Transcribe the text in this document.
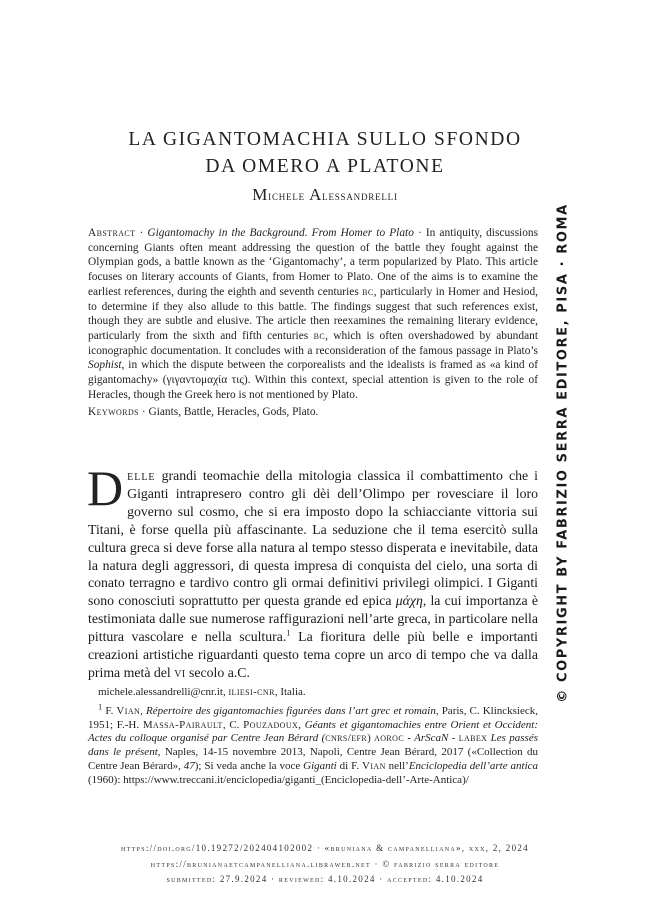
LA GIGANTOMACHIA SULLO SFONDO
DA OMERO A PLATONE
Michele Alessandrelli

Abstract · Gigantomachy in the Background. From Homer to Plato · In antiquity, discussions concerning Giants often meant addressing the question of the battle they fought against the Olympian gods, a battle known as the ‘Gigantomachy’, a term popularized by Plato. This article focuses on literary accounts of Giants, from Homer to Plato. One of the aims is to examine the earliest references, during the eighth and seventh centuries bc, particularly in Homer and Hesiod, to determine if they also allude to this battle. The findings suggest that such references exist, though they are subtle and elusive. The article then reexamines the remaining literary evidence, particularly from the sixth and fifth centuries bc, which is often overshadowed by abundant iconographic documentation. It concludes with a reconsideration of the famous passage in Plato’s Sophist, in which the dispute between the corporealists and the idealists is framed as «a kind of gigantomachy» (γιγαντομαχία τις). Within this context, special attention is given to the role of Heracles, though the Greek hero is not mentioned by Plato.

Keywords · Giants, Battle, Heracles, Gods, Plato.

Delle grandi teomachie della mitologia classica il combattimento che i Giganti intrapresero contro gli dèi dell’Olimpo per rovesciare il loro governo sul cosmo, che si era imposto dopo la schiacciante vittoria sui Titani, è forse quella più affascinante. La seduzione che il tema esercitò sulla cultura greca si deve forse alla natura al tempo stesso disperata e inevitabile, data la natura degli aggressori, di questa impresa di conquista del cielo, una sorta di conato terragno e tardivo contro gli ormai definitivi privilegi olimpici. I Giganti sono conosciuti soprattutto per questa grande ed epica μάχη, la cui importanza è testimoniata dalle sue numerose raffigurazioni nell’arte greca, in particolare nella pittura vascolare e nella scultura.$^1$ La fioritura delle più belle e importanti creazioni artistiche riguardanti questo tema copre un arco di tempo che va dalla prima metà del vi secolo a.C.

michele.alessandrelli@cnr.it, iliesi-cnr, Italia.

$^1$ F. Vian, Répertoire des gigantomachies figurées dans l’art grec et romain, Paris, C. Klincksieck, 1951; F.-H. Massa-Pairault, C. Pouzadoux, Géants et gigantomachies entre Orient et Occident: Actes du colloque organisé par Centre Jean Bérard (cnrs/efr) aoroc - ArScaN - labex Les passés dans le présent, Naples, 14-15 novembre 2013, Napoli, Centre Jean Bérard, 2017 («Collection du Centre Jean Bérard», 47); Si veda anche la voce Giganti di F. Vian nell’Enciclopedia dell’arte antica (1960): https://www.treccani.it/enciclopedia/giganti_(Enciclopedia-dell’-Arte-Antica)/

https://doi.org/10.19272/202404102002 · «bruniana & campanelliana», xxx, 2, 2024
https://brunianaetcampanelliana.libraweb.net · © fabrizio serra editore
submitted: 27.9.2024 · reviewed: 4.10.2024 · accepted: 4.10.2024
© COPYRIGHT BY FABRIZIO SERRA EDITORE, PISA · ROMA
